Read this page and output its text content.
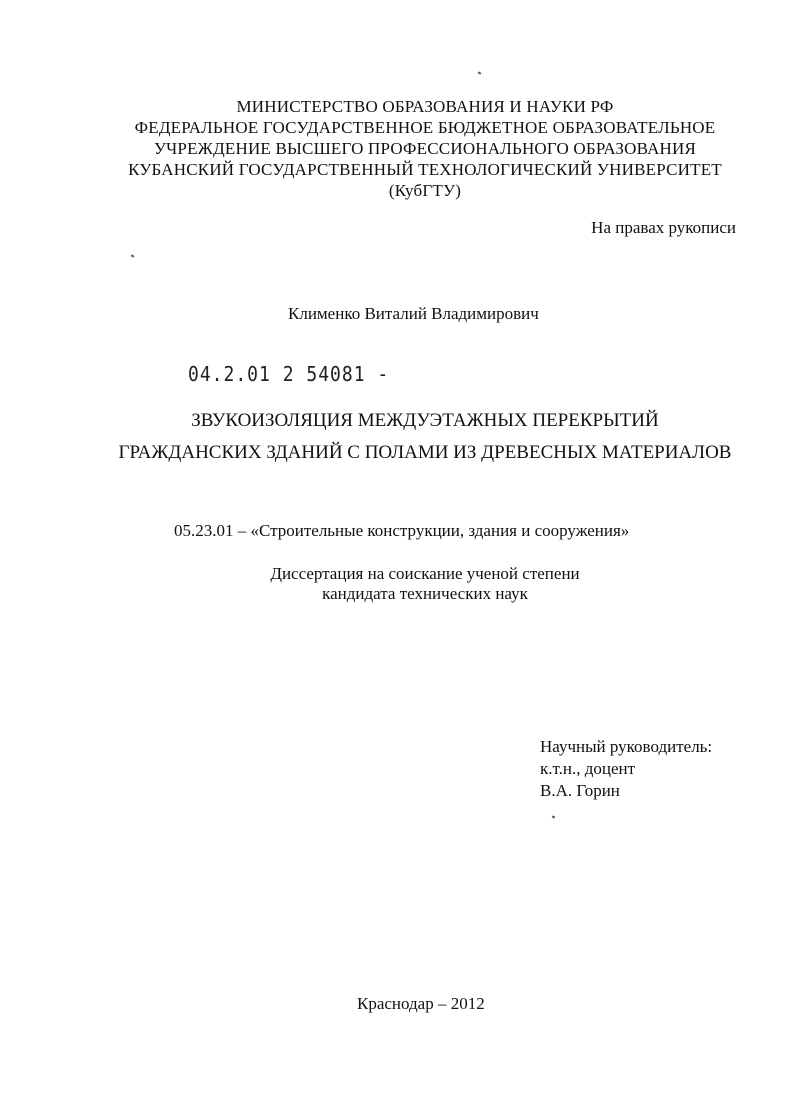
МИНИСТЕРСТВО ОБРАЗОВАНИЯ И НАУКИ РФ
ФЕДЕРАЛЬНОЕ ГОСУДАРСТВЕННОЕ БЮДЖЕТНОЕ ОБРАЗОВАТЕЛЬНОЕ
УЧРЕЖДЕНИЕ ВЫСШЕГО ПРОФЕССИОНАЛЬНОГО ОБРАЗОВАНИЯ
КУБАНСКИЙ ГОСУДАРСТВЕННЫЙ ТЕХНОЛОГИЧЕСКИЙ УНИВЕРСИТЕТ
(КубГТУ)
На правах рукописи
Клименко Виталий Владимирович
04.2.01 2 54081 -
ЗВУКОИЗОЛЯЦИЯ МЕЖДУЭТАЖНЫХ ПЕРЕКРЫТИЙ
ГРАЖДАНСКИХ ЗДАНИЙ С ПОЛАМИ ИЗ ДРЕВЕСНЫХ МАТЕРИАЛОВ
05.23.01 – «Строительные конструкции, здания и сооружения»
Диссертация на соискание ученой степени
кандидата технических наук
Научный руководитель:
к.т.н., доцент
В.А. Горин
Краснодар – 2012
